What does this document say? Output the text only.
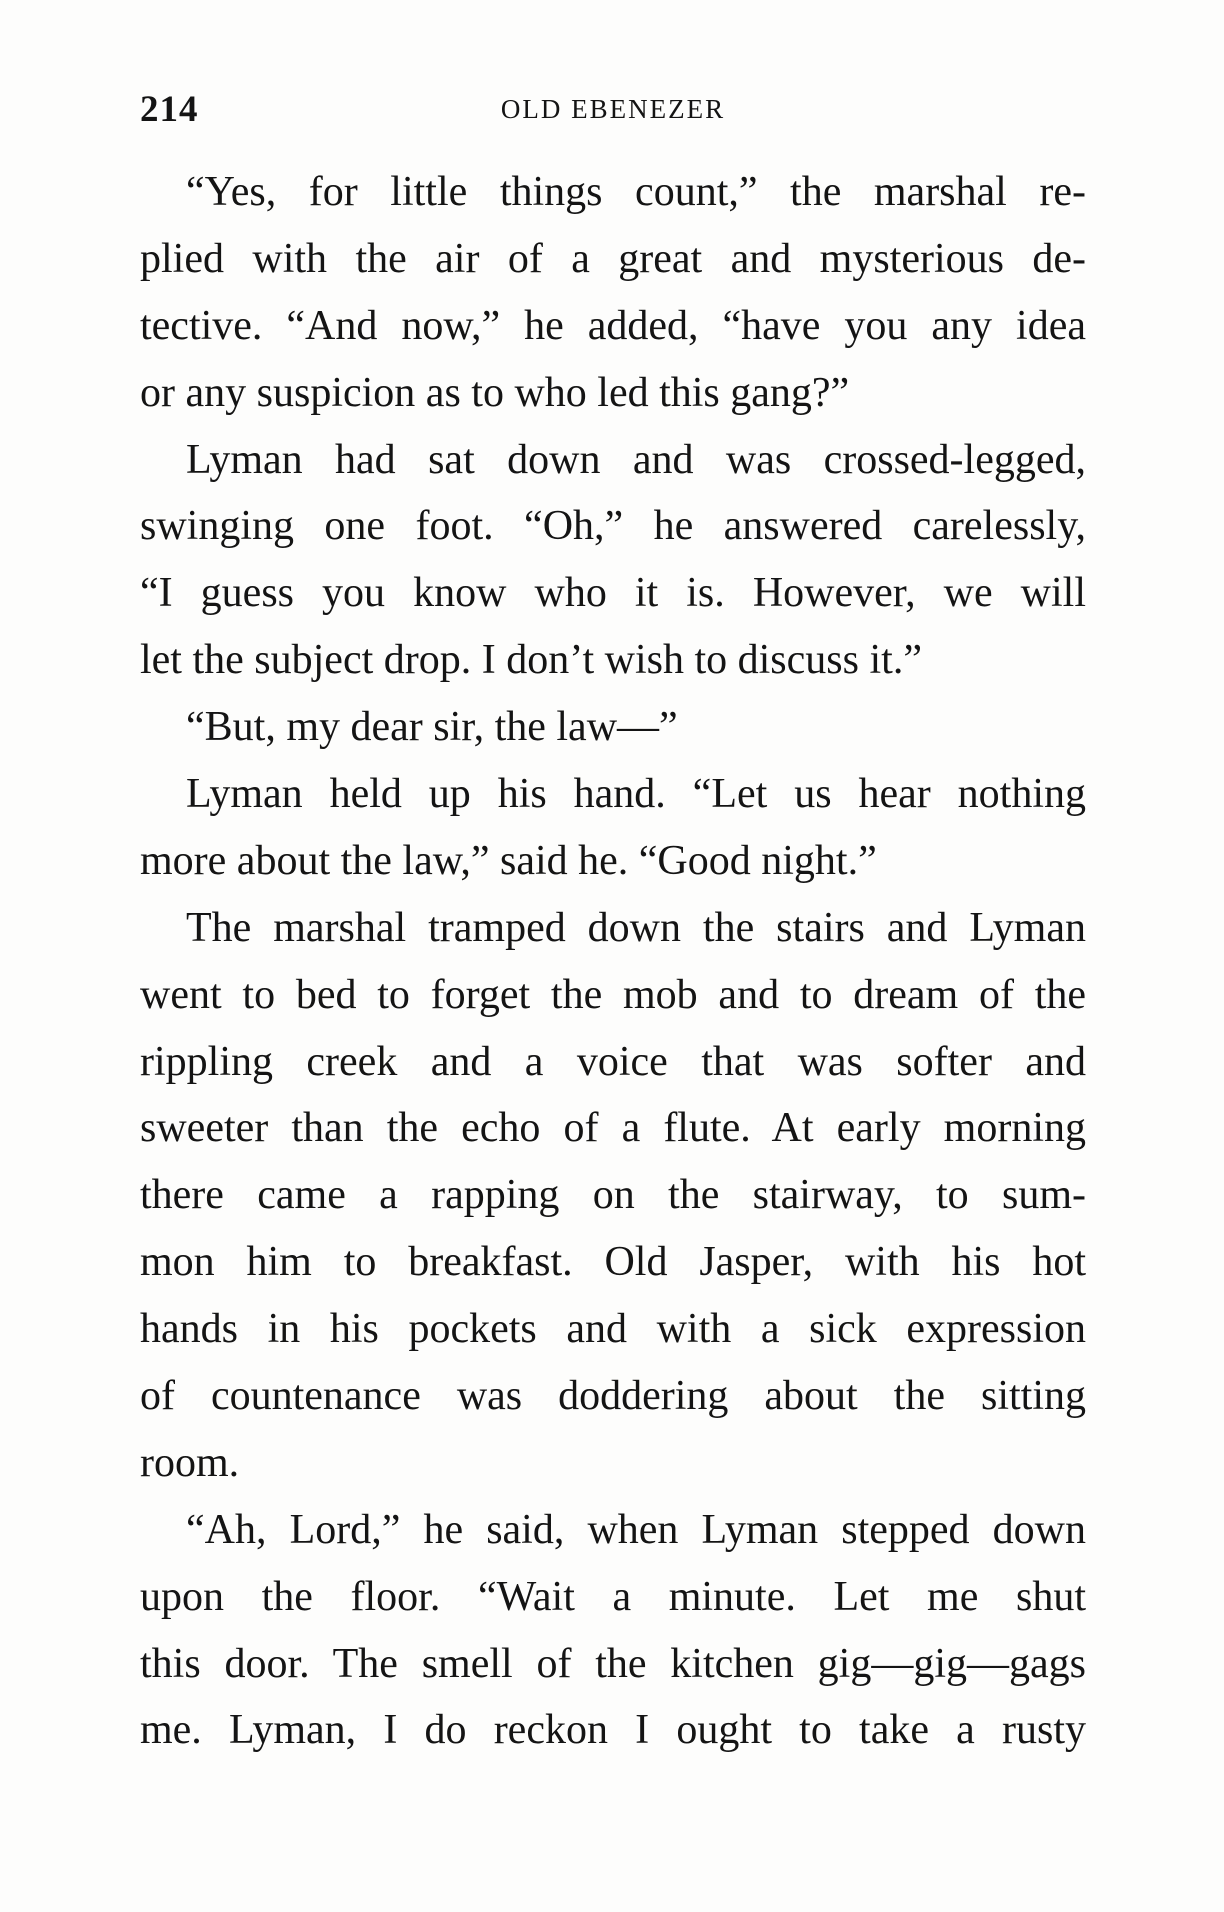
214	OLD EBENEZER
“Yes, for little things count,” the marshal re-
plied with the air of a great and mysterious de-
tective. “And now,” he added, “have you any idea
or any suspicion as to who led this gang?”
Lyman had sat down and was crossed-legged,
swinging one foot. “Oh,” he answered carelessly,
“I guess you know who it is. However, we will
let the subject drop. I don’t wish to discuss it.”
“But, my dear sir, the law—”
Lyman held up his hand. “Let us hear nothing
more about the law,” said he. “Good night.”
The marshal tramped down the stairs and Lyman
went to bed to forget the mob and to dream of the
rippling creek and a voice that was softer and
sweeter than the echo of a flute. At early morning
there came a rapping on the stairway, to sum-
mon him to breakfast. Old Jasper, with his hot
hands in his pockets and with a sick expression
of countenance was doddering about the sitting
room.
“Ah, Lord,” he said, when Lyman stepped down
upon the floor. “Wait a minute. Let me shut
this door. The smell of the kitchen gig—gig—gags
me. Lyman, I do reckon I ought to take a rusty
